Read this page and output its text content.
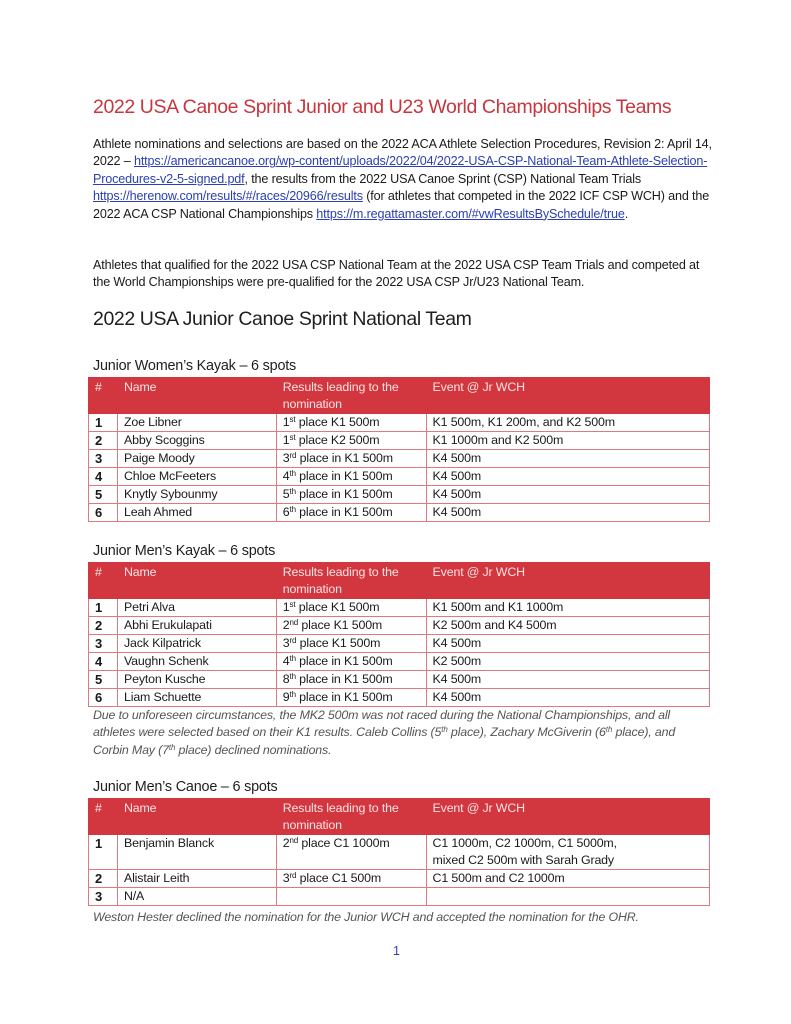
2022 USA Canoe Sprint Junior and U23 World Championships Teams
Athlete nominations and selections are based on the 2022 ACA Athlete Selection Procedures, Revision 2: April 14, 2022 – https://americancanoe.org/wp-content/uploads/2022/04/2022-USA-CSP-National-Team-Athlete-Selection-Procedures-v2-5-signed.pdf, the results from the 2022 USA Canoe Sprint (CSP) National Team Trials https://herenow.com/results/#/races/20966/results (for athletes that competed in the 2022 ICF CSP WCH) and the 2022 ACA CSP National Championships https://m.regattamaster.com/#vwResultsBySchedule/true.
Athletes that qualified for the 2022 USA CSP National Team at the 2022 USA CSP Team Trials and competed at the World Championships were pre-qualified for the 2022 USA CSP Jr/U23 National Team.
2022 USA Junior Canoe Sprint National Team
Junior Women’s Kayak – 6 spots
#	Name	Results leading to the nomination	Event @ Jr WCH
1	Zoe Libner	1st place K1 500m	K1 500m, K1 200m, and K2 500m
2	Abby Scoggins	1st place K2 500m	K1 1000m and K2 500m
3	Paige Moody	3rd place in K1 500m	K4 500m
4	Chloe McFeeters	4th place in K1 500m	K4 500m
5	Knytly Sybounmy	5th place in K1 500m	K4 500m
6	Leah Ahmed	6th place in K1 500m	K4 500m
Junior Men’s Kayak – 6 spots
#	Name	Results leading to the nomination	Event @ Jr WCH
1	Petri Alva	1st place K1 500m	K1 500m and K1 1000m
2	Abhi Erukulapati	2nd place K1 500m	K2 500m and K4 500m
3	Jack Kilpatrick	3rd place K1 500m	K4 500m
4	Vaughn Schenk	4th place in K1 500m	K2 500m
5	Peyton Kusche	8th place in K1 500m	K4 500m
6	Liam Schuette	9th place in K1 500m	K4 500m
Due to unforeseen circumstances, the MK2 500m was not raced during the National Championships, and all athletes were selected based on their K1 results. Caleb Collins (5th place), Zachary McGiverin (6th place), and Corbin May (7th place) declined nominations.
Junior Men’s Canoe – 6 spots
#	Name	Results leading to the nomination	Event @ Jr WCH
1	Benjamin Blanck	2nd place C1 1000m	C1 1000m, C2 1000m, C1 5000m,
mixed C2 500m with Sarah Grady

2	Alistair Leith	3rd place C1 500m	C1 500m and C2 1000m
3	N/A		
Weston Hester declined the nomination for the Junior WCH and accepted the nomination for the OHR.
1
